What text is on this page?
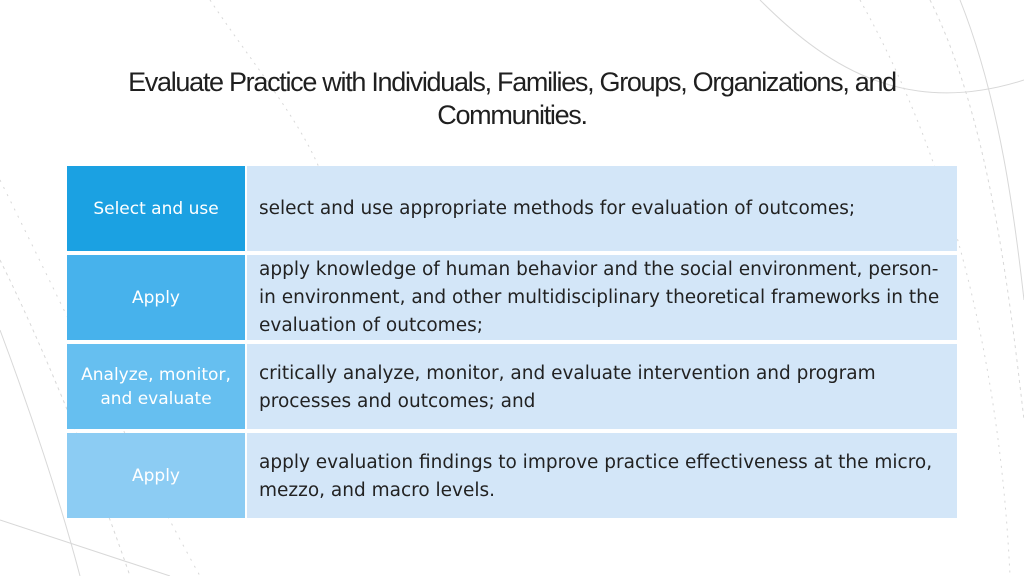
Evaluate Practice with Individuals, Families, Groups, Organizations, and
Communities.
Select and use	select and use appropriate methods for evaluation of outcomes;
Apply
apply knowledge of human behavior and the social environment, person-in environment, and other multidisciplinary theoretical frameworks in the evaluation of outcomes;
Analyze, monitor, and evaluate
critically analyze, monitor, and evaluate intervention and program processes and outcomes; and
Apply
apply evaluation findings to improve practice effectiveness at the micro, mezzo, and macro levels.
